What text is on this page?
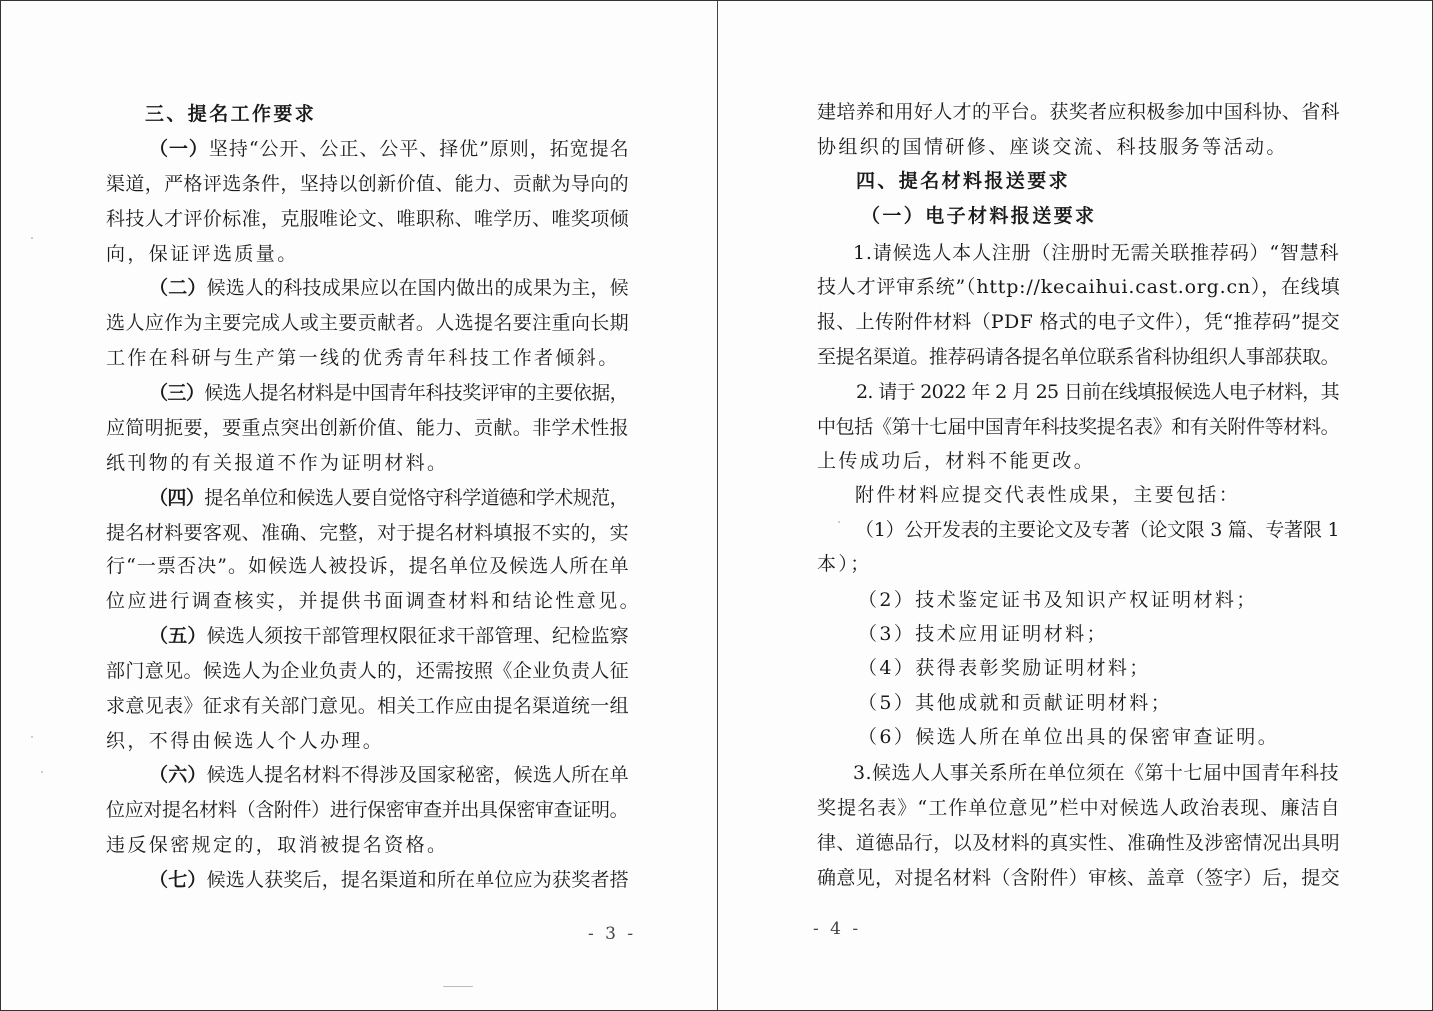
- 3 -
三、提名工作要求
（一）坚持“公开、公正、公平、择优”原则，拓宽提名
渠道，严格评选条件，坚持以创新价值、能力、贡献为导向的
科技人才评价标准，克服唯论文、唯职称、唯学历、唯奖项倾
向，保证评选质量。
（二）候选人的科技成果应以在国内做出的成果为主，候
选人应作为主要完成人或主要贡献者。人选提名要注重向长期
工作在科研与生产第一线的优秀青年科技工作者倾斜。
（三）候选人提名材料是中国青年科技奖评审的主要依据，
应简明扼要，要重点突出创新价值、能力、贡献。非学术性报
纸刊物的有关报道不作为证明材料。
（四）提名单位和候选人要自觉恪守科学道德和学术规范，
提名材料要客观、准确、完整，对于提名材料填报不实的，实
行“一票否决”。如候选人被投诉，提名单位及候选人所在单
位应进行调查核实，并提供书面调查材料和结论性意见。
（五）候选人须按干部管理权限征求干部管理、纪检监察
部门意见。候选人为企业负责人的，还需按照《企业负责人征
求意见表》征求有关部门意见。相关工作应由提名渠道统一组
织，不得由候选人个人办理。
（六）候选人提名材料不得涉及国家秘密，候选人所在单
位应对提名材料（含附件）进行保密审查并出具保密审查证明。
违反保密规定的，取消被提名资格。
（七）候选人获奖后，提名渠道和所在单位应为获奖者搭
- 4 -
建培养和用好人才的平台。获奖者应积极参加中国科协、省科
协组织的国情研修、座谈交流、科技服务等活动。
四、提名材料报送要求
（一）电子材料报送要求
1.请候选人本人注册（注册时无需关联推荐码）“智慧科
技人才评审系统”（http://kecaihui.cast.org.cn），在线填
报、上传附件材料（PDF 格式的电子文件），凭“推荐码”提交
至提名渠道。推荐码请各提名单位联系省科协组织人事部获取。
2. 请于 2022 年 2 月 25 日前在线填报候选人电子材料，其
中包括《第十七届中国青年科技奖提名表》和有关附件等材料。
上传成功后，材料不能更改。
附件材料应提交代表性成果，主要包括：
（1）公开发表的主要论文及专著（论文限 3 篇、专著限 1
本）；
（2）技术鉴定证书及知识产权证明材料；
（3）技术应用证明材料；
（4）获得表彰奖励证明材料；
（5）其他成就和贡献证明材料；
（6）候选人所在单位出具的保密审查证明。
3.候选人人事关系所在单位须在《第十七届中国青年科技
奖提名表》“工作单位意见”栏中对候选人政治表现、廉洁自
律、道德品行，以及材料的真实性、准确性及涉密情况出具明
确意见，对提名材料（含附件）审核、盖章（签字）后，提交
